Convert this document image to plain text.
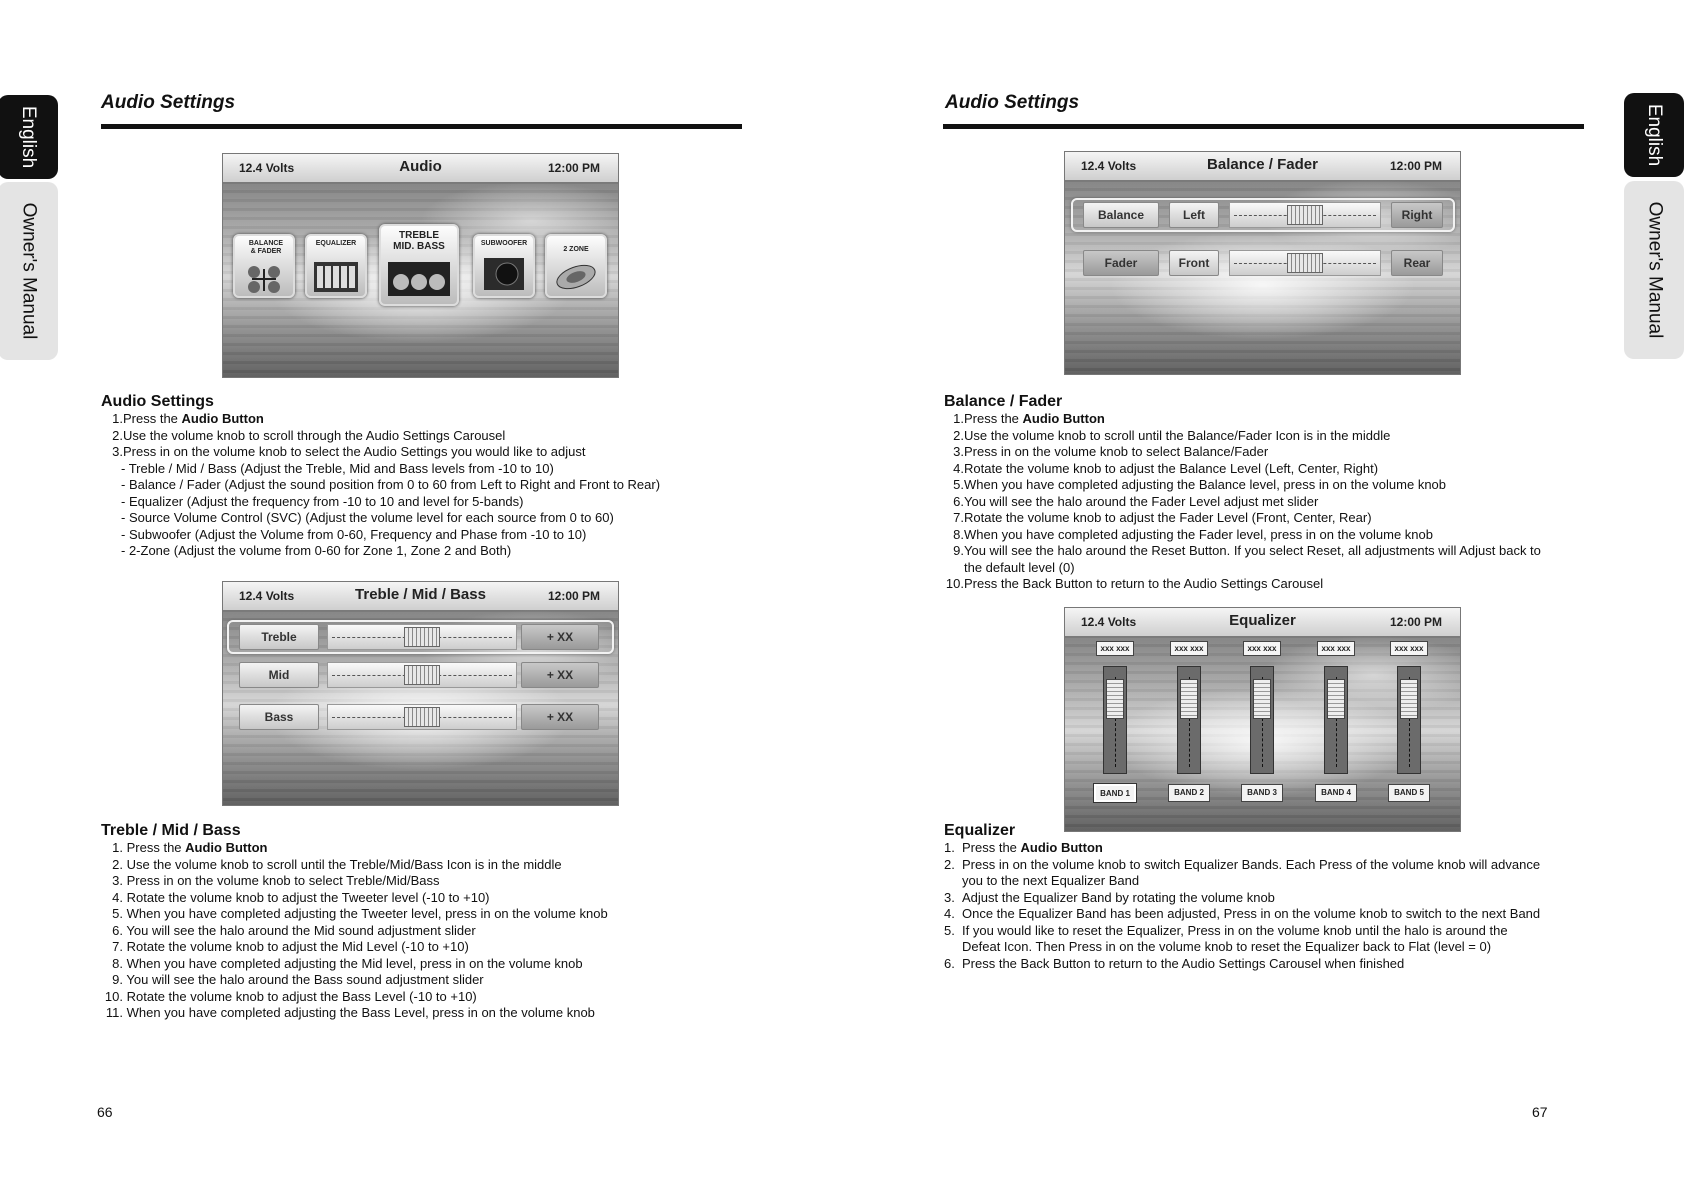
English
Owner's Manual
Audio Settings
12.4 Volts	Audio	12:00 PM
BALANCE & FADER
EQUALIZER
TREBLE MID. BASS	SUBWOOFER
2 ZONE
Audio Settings
1.Press the Audio Button
2.Use the volume knob to scroll through the Audio Settings Carousel
3.Press in on the volume knob to select the Audio Settings you would like to adjust
- Treble / Mid / Bass (Adjust the Treble, Mid and Bass levels from -10 to 10)
- Balance / Fader (Adjust the sound position from 0 to 60 from Left to Right and Front to Rear)
- Equalizer (Adjust the frequency from -10 to 10 and level for 5-bands)
- Source Volume Control (SVC) (Adjust the volume level for each source from 0 to 60)
- Subwoofer (Adjust the Volume from 0-60, Frequency and Phase from -10 to 10)
- 2-Zone (Adjust the volume from 0-60 for Zone 1, Zone 2 and Both)
12.4 Volts	Treble / Mid / Bass	12:00 PM
Treble	+ XX
Mid	+ XX
Bass	+ XX
Treble / Mid / Bass
1. Press the Audio Button
2. Use the volume knob to scroll until the Treble/Mid/Bass Icon is in the middle
3. Press in on the volume knob to select Treble/Mid/Bass
4. Rotate the volume knob to adjust the Tweeter level (-10 to +10)
5. When you have completed adjusting the Tweeter level, press in on the volume knob
6. You will see the halo around the Mid sound adjustment slider
7. Rotate the volume knob to adjust the Mid Level (-10 to +10)
8. When you have completed adjusting the Mid level, press in on the volume knob
9. You will see the halo around the Bass sound adjustment slider
10. Rotate the volume knob to adjust the Bass Level (-10 to +10)
11. When you have completed adjusting the Bass Level, press in on the volume knob
66
Audio Settings
English
Owner's Manual
12.4 Volts	Balance / Fader	12:00 PM
Balance	Left	Right
Fader	Front	Rear
Balance / Fader
1.Press the Audio Button
2.Use the volume knob to scroll until the Balance/Fader Icon is in the middle
3.Press in on the volume knob to select Balance/Fader
4.Rotate the volume knob to adjust the Balance Level (Left, Center, Right)
5.When you have completed adjusting the Balance level, press in on the volume knob
6.You will see the halo around the Fader Level adjust met slider
7.Rotate the volume knob to adjust the Fader Level (Front, Center, Rear)
8.When you have completed adjusting the Fader level, press in on the volume knob
9.You will see the halo around the Reset Button. If you select Reset, all adjustments will Adjust back to
the default level (0)
10.Press the Back Button to return to the Audio Settings Carousel
12.4 Volts	Equalizer	12:00 PM
xxx xxx	xxx xxx	xxx xxx	xxx xxx	xxx xxx
BAND 1	BAND 2	BAND 3	BAND 4	BAND 5
Equalizer
1. Press the Audio Button
2. Press in on the volume knob to switch Equalizer Bands. Each Press of the volume knob will advance
you to the next Equalizer Band
3. Adjust the Equalizer Band by rotating the volume knob
4. Once the Equalizer Band has been adjusted, Press in on the volume knob to switch to the next Band
5. If you would like to reset the Equalizer, Press in on the volume knob until the halo is around the
Defeat Icon. Then Press in on the volume knob to reset the Equalizer back to Flat (level = 0)
6. Press the Back Button to return to the Audio Settings Carousel when finished
67
